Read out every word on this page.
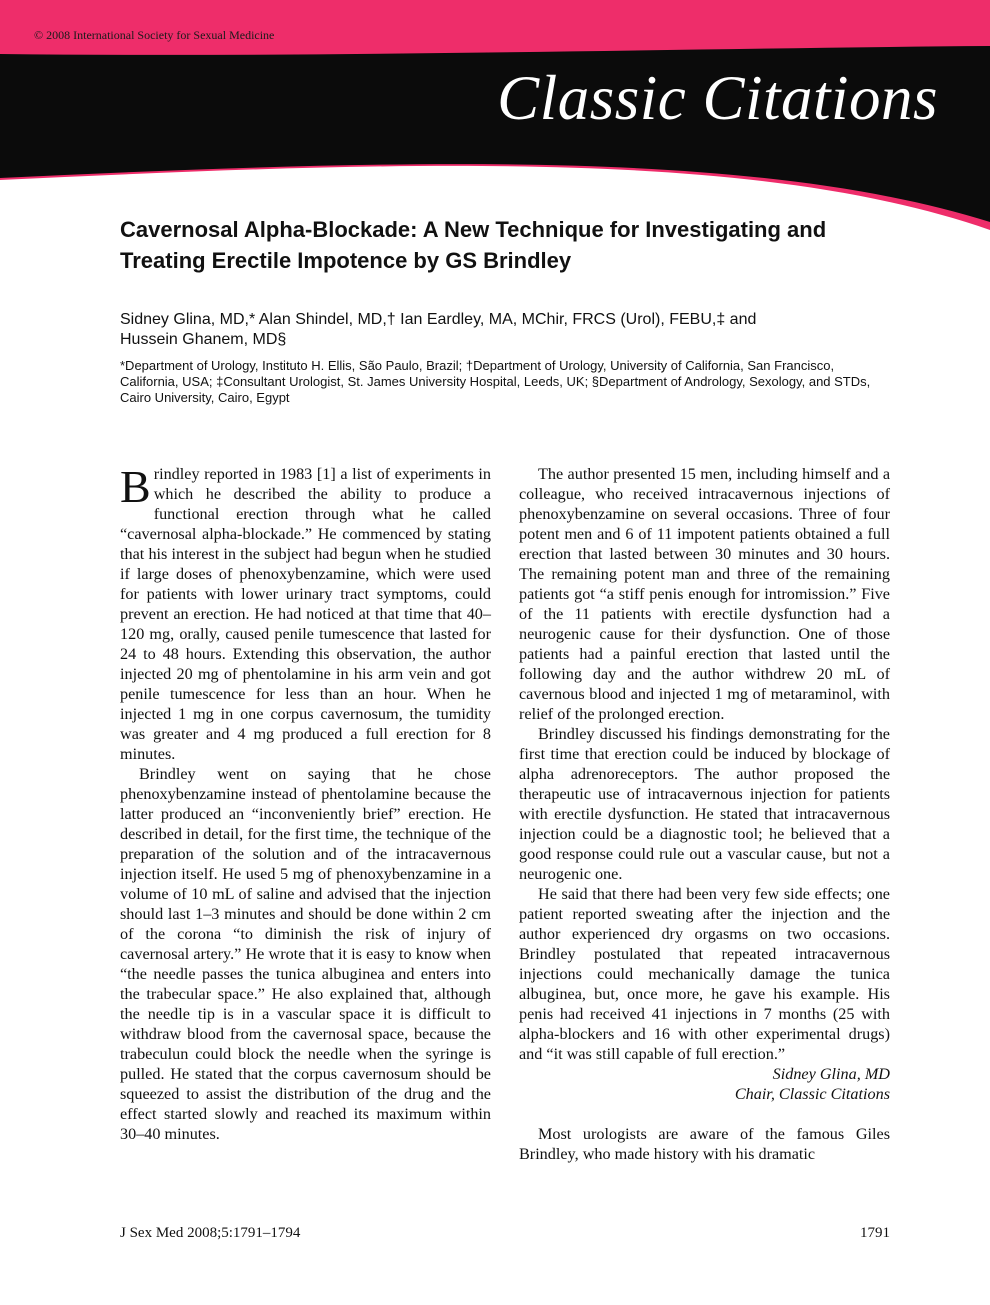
© 2008 International Society for Sexual Medicine
Classic Citations
Cavernosal Alpha-Blockade: A New Technique for Investigating and Treating Erectile Impotence by GS Brindley
Sidney Glina, MD,* Alan Shindel, MD,† Ian Eardley, MA, MChir, FRCS (Urol), FEBU,‡ and
Hussein Ghanem, MD§
*Department of Urology, Instituto H. Ellis, São Paulo, Brazil; †Department of Urology, University of California, San Francisco, California, USA; ‡Consultant Urologist, St. James University Hospital, Leeds, UK; §Department of Andrology, Sexology, and STDs, Cairo University, Cairo, Egypt

Brindley reported in 1983 [1] a list of experiments in which he described the ability to produce a functional erection through what he called “cavernosal alpha-blockade.” He commenced by stating that his interest in the subject had begun when he studied if large doses of phenoxybenzamine, which were used for patients with lower urinary tract symptoms, could prevent an erection. He had noticed at that time that 40–120 mg, orally, caused penile tumescence that lasted for 24 to 48 hours. Extending this observation, the author injected 20 mg of phentolamine in his arm vein and got penile tumescence for less than an hour. When he injected 1 mg in one corpus cavernosum, the tumidity was greater and 4 mg produced a full erection for 8 minutes.

Brindley went on saying that he chose phenoxybenzamine instead of phentolamine because the latter produced an “inconveniently brief” erection. He described in detail, for the first time, the technique of the preparation of the solution and of the intracavernous injection itself. He used 5 mg of phenoxybenzamine in a volume of 10 mL of saline and advised that the injection should last 1–3 minutes and should be done within 2 cm of the corona “to diminish the risk of injury of cavernosal artery.” He wrote that it is easy to know when “the needle passes the tunica albuginea and enters into the trabecular space.” He also explained that, although the needle tip is in a vascular space it is difficult to withdraw blood from the cavernosal space, because the trabeculun could block the needle when the syringe is pulled. He stated that the corpus cavernosum should be squeezed to assist the distribution of the drug and the effect started slowly and reached its maximum within 30–40 minutes.

The author presented 15 men, including himself and a colleague, who received intracavernous injections of phenoxybenzamine on several occasions. Three of four potent men and 6 of 11 impotent patients obtained a full erection that lasted between 30 minutes and 30 hours. The remaining potent man and three of the remaining patients got “a stiff penis enough for intromission.” Five of the 11 patients with erectile dysfunction had a neurogenic cause for their dysfunction. One of those patients had a painful erection that lasted until the following day and the author withdrew 20 mL of cavernous blood and injected 1 mg of metaraminol, with relief of the prolonged erection.

Brindley discussed his findings demonstrating for the first time that erection could be induced by blockage of alpha adrenoreceptors. The author proposed the therapeutic use of intracavernous injection for patients with erectile dysfunction. He stated that intracavernous injection could be a diagnostic tool; he believed that a good response could rule out a vascular cause, but not a neurogenic one.

He said that there had been very few side effects; one patient reported sweating after the injection and the author experienced dry orgasms on two occasions. Brindley postulated that repeated intracavernous injections could mechanically damage the tunica albuginea, but, once more, he gave his example. His penis had received 41 injections in 7 months (25 with alpha-blockers and 16 with other experimental drugs) and “it was still capable of full erection.”

Sidney Glina, MD

Chair, Classic Citations

Most urologists are aware of the famous Giles Brindley, who made history with his dramatic

J Sex Med 2008;5:1791–1794	1791
